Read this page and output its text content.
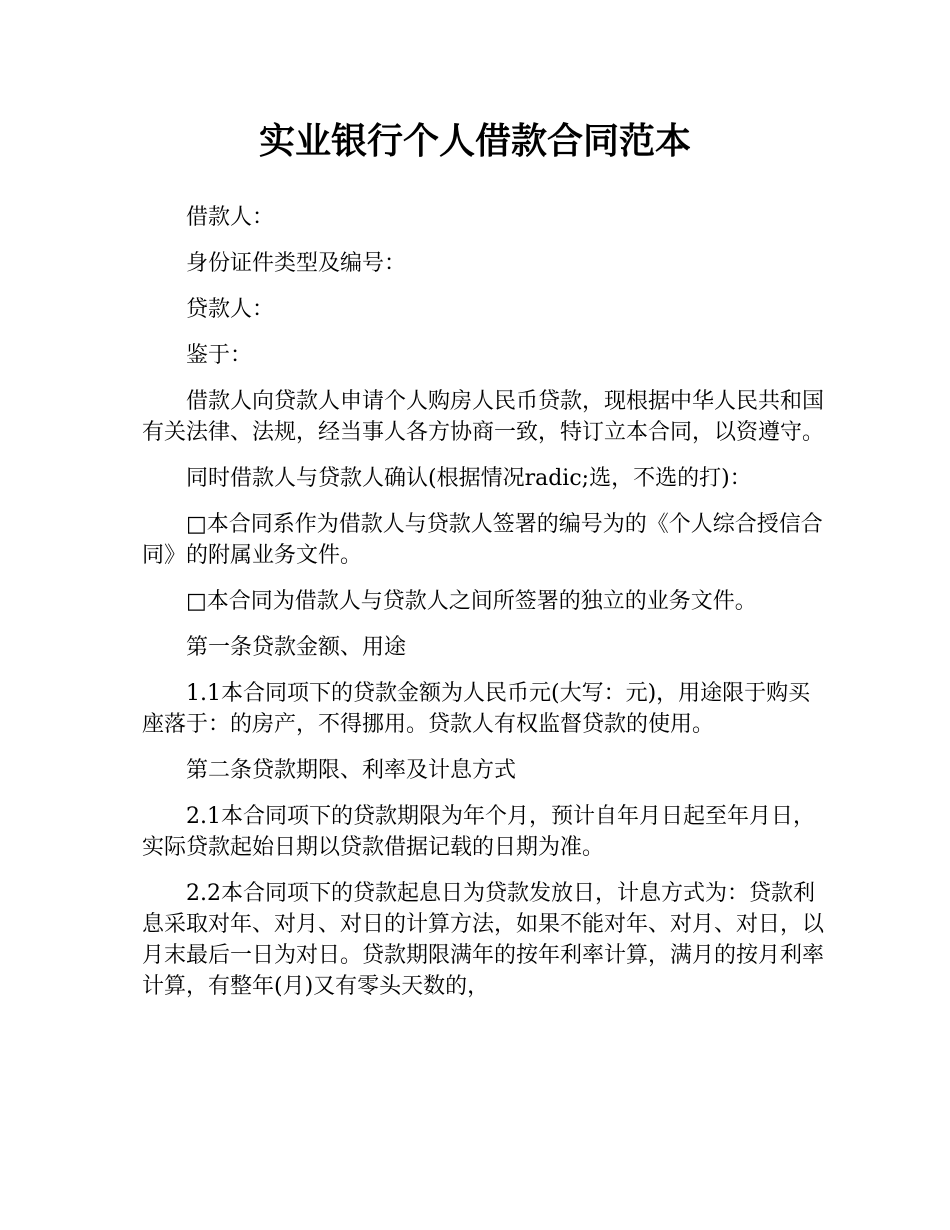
实业银行个人借款合同范本

借款人：

身份证件类型及编号：

贷款人：

鉴于：

借款人向贷款人申请个人购房人民币贷款，现根据中华人民共和国有关法律、法规，经当事人各方协商一致，特订立本合同，以资遵守。

同时借款人与贷款人确认(根据情况radic;选，不选的打)：

□本合同系作为借款人与贷款人签署的编号为的《个人综合授信合同》的附属业务文件。

□本合同为借款人与贷款人之间所签署的独立的业务文件。

第一条贷款金额、用途

1.1本合同项下的贷款金额为人民币元(大写：元)，用途限于购买座落于：的房产，不得挪用。贷款人有权监督贷款的使用。

第二条贷款期限、利率及计息方式

2.1本合同项下的贷款期限为年个月，预计自年月日起至年月日，实际贷款起始日期以贷款借据记载的日期为准。

2.2本合同项下的贷款起息日为贷款发放日，计息方式为：贷款利息采取对年、对月、对日的计算方法，如果不能对年、对月、对日，以月末最后一日为对日。贷款期限满年的按年利率计算，满月的按月利率计算，有整年(月)又有零头天数的，
